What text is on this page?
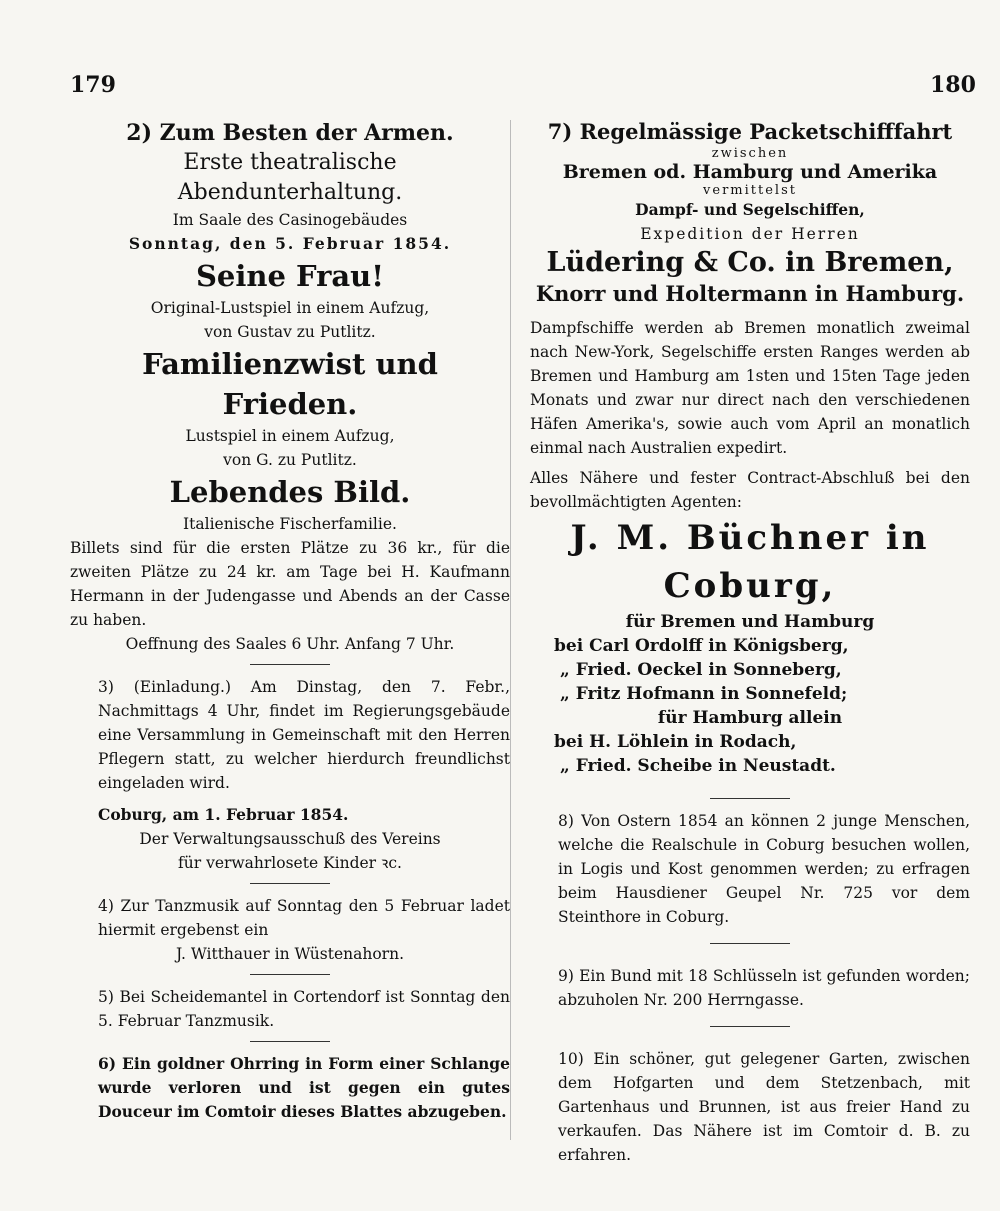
179	180
2) Zum Besten der Armen.
Erste theatralische Abendunterhaltung.
Im Saale des Casinogebäudes
Sonntag, den 5. Februar 1854.
Seine Frau!
Original-Lustspiel in einem Aufzug,
von Gustav zu Putlitz.
Familienzwist und Frieden.
Lustspiel in einem Aufzug,
von G. zu Putlitz.
Lebendes Bild.
Italienische Fischerfamilie.

Billets sind für die ersten Plätze zu 36 kr., für die zweiten Plätze zu 24 kr. am Tage bei H. Kaufmann Hermann in der Judengasse und Abends an der Casse zu haben.

Oeffnung des Saales 6 Uhr. Anfang 7 Uhr.

3) (Einladung.) Am Dinstag, den 7. Febr., Nachmittags 4 Uhr, findet im Regierungsgebäude eine Versammlung in Gemeinschaft mit den Herren Pflegern statt, zu welcher hierdurch freundlichst eingeladen wird.

Coburg, am 1. Februar 1854.
Der Verwaltungsausschuß des Vereins
für verwahrlosete Kinder ꝛc.

4) Zur Tanzmusik auf Sonntag den 5 Februar ladet hiermit ergebenst ein

J. Witthauer in Wüstenahorn.

5) Bei Scheidemantel in Cortendorf ist Sonntag den 5. Februar Tanzmusik.

6) Ein goldner Ohrring in Form einer Schlange wurde verloren und ist gegen ein gutes Douceur im Comtoir dieses Blattes abzugeben.

7) Regelmässige Packetschifffahrt
zwischen
Bremen od. Hamburg und Amerika
vermittelst
Dampf- und Segelschiffen,
Expedition der Herren
Lüdering & Co. in Bremen,
Knorr und Holtermann in Hamburg.

Dampfschiffe werden ab Bremen monatlich zweimal nach New-York, Segelschiffe ersten Ranges werden ab Bremen und Hamburg am 1sten und 15ten Tage jeden Monats und zwar nur direct nach den verschiedenen Häfen Amerika's, sowie auch vom April an monatlich einmal nach Australien expedirt.

Alles Nähere und fester Contract-Abschluß bei den bevollmächtigten Agenten:

J. M. Büchner in Coburg,
für Bremen und Hamburg
bei Carl Ordolff in Königsberg,
„ Fried. Oeckel in Sonneberg,
„ Fritz Hofmann in Sonnefeld;
für Hamburg allein
bei H. Löhlein in Rodach,
„ Fried. Scheibe in Neustadt.

8) Von Ostern 1854 an können 2 junge Menschen, welche die Realschule in Coburg besuchen wollen, in Logis und Kost genommen werden; zu erfragen beim Hausdiener Geupel Nr. 725 vor dem Steinthore in Coburg.

9) Ein Bund mit 18 Schlüsseln ist gefunden worden; abzuholen Nr. 200 Herrngasse.

10) Ein schöner, gut gelegener Garten, zwischen dem Hofgarten und dem Stetzenbach, mit Gartenhaus und Brunnen, ist aus freier Hand zu verkaufen. Das Nähere ist im Comtoir d. B. zu erfahren.
